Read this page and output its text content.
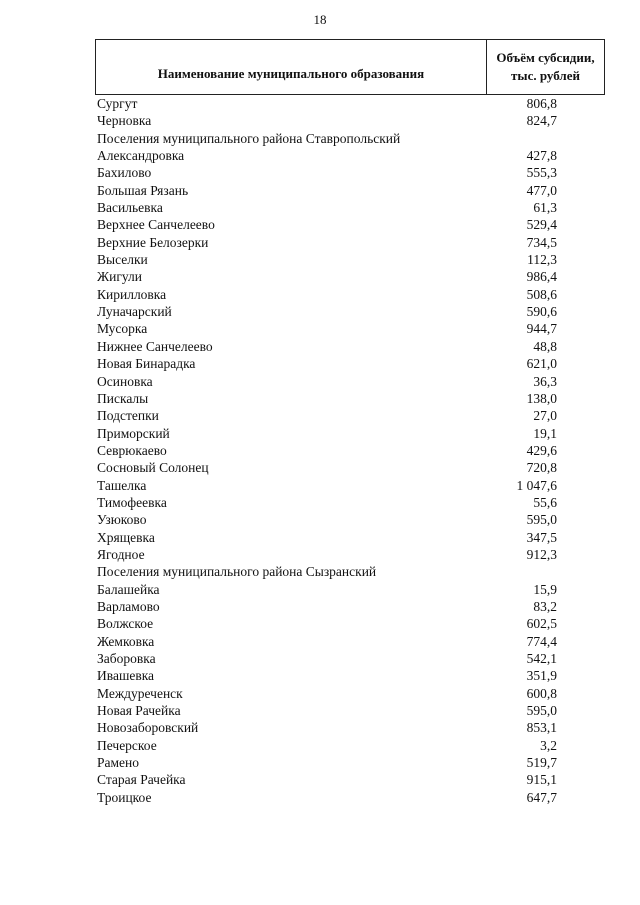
18
Наименование муниципального образования	
Объём субсидии,
тыс. рублей
Сургут	806,8
Черновка	824,7
Поселения муниципального района Ставропольский
Александровка	427,8
Бахилово	555,3
Большая Рязань	477,0
Васильевка	61,3
Верхнее Санчелеево	529,4
Верхние Белозерки	734,5
Выселки	112,3
Жигули	986,4
Кирилловка	508,6
Луначарский	590,6
Мусорка	944,7
Нижнее Санчелеево	48,8
Новая Бинарадка	621,0
Осиновка	36,3
Пискалы	138,0
Подстепки	27,0
Приморский	19,1
Севрюкаево	429,6
Сосновый Солонец	720,8
Ташелка	1 047,6
Тимофеевка	55,6
Узюково	595,0
Хрящевка	347,5
Ягодное	912,3
Поселения муниципального района Сызранский
Балашейка	15,9
Варламово	83,2
Волжское	602,5
Жемковка	774,4
Заборовка	542,1
Ивашевка	351,9
Междуреченск	600,8
Новая Рачейка	595,0
Новозаборовский	853,1
Печерское	3,2
Рамено	519,7
Старая Рачейка	915,1
Троицкое	647,7
